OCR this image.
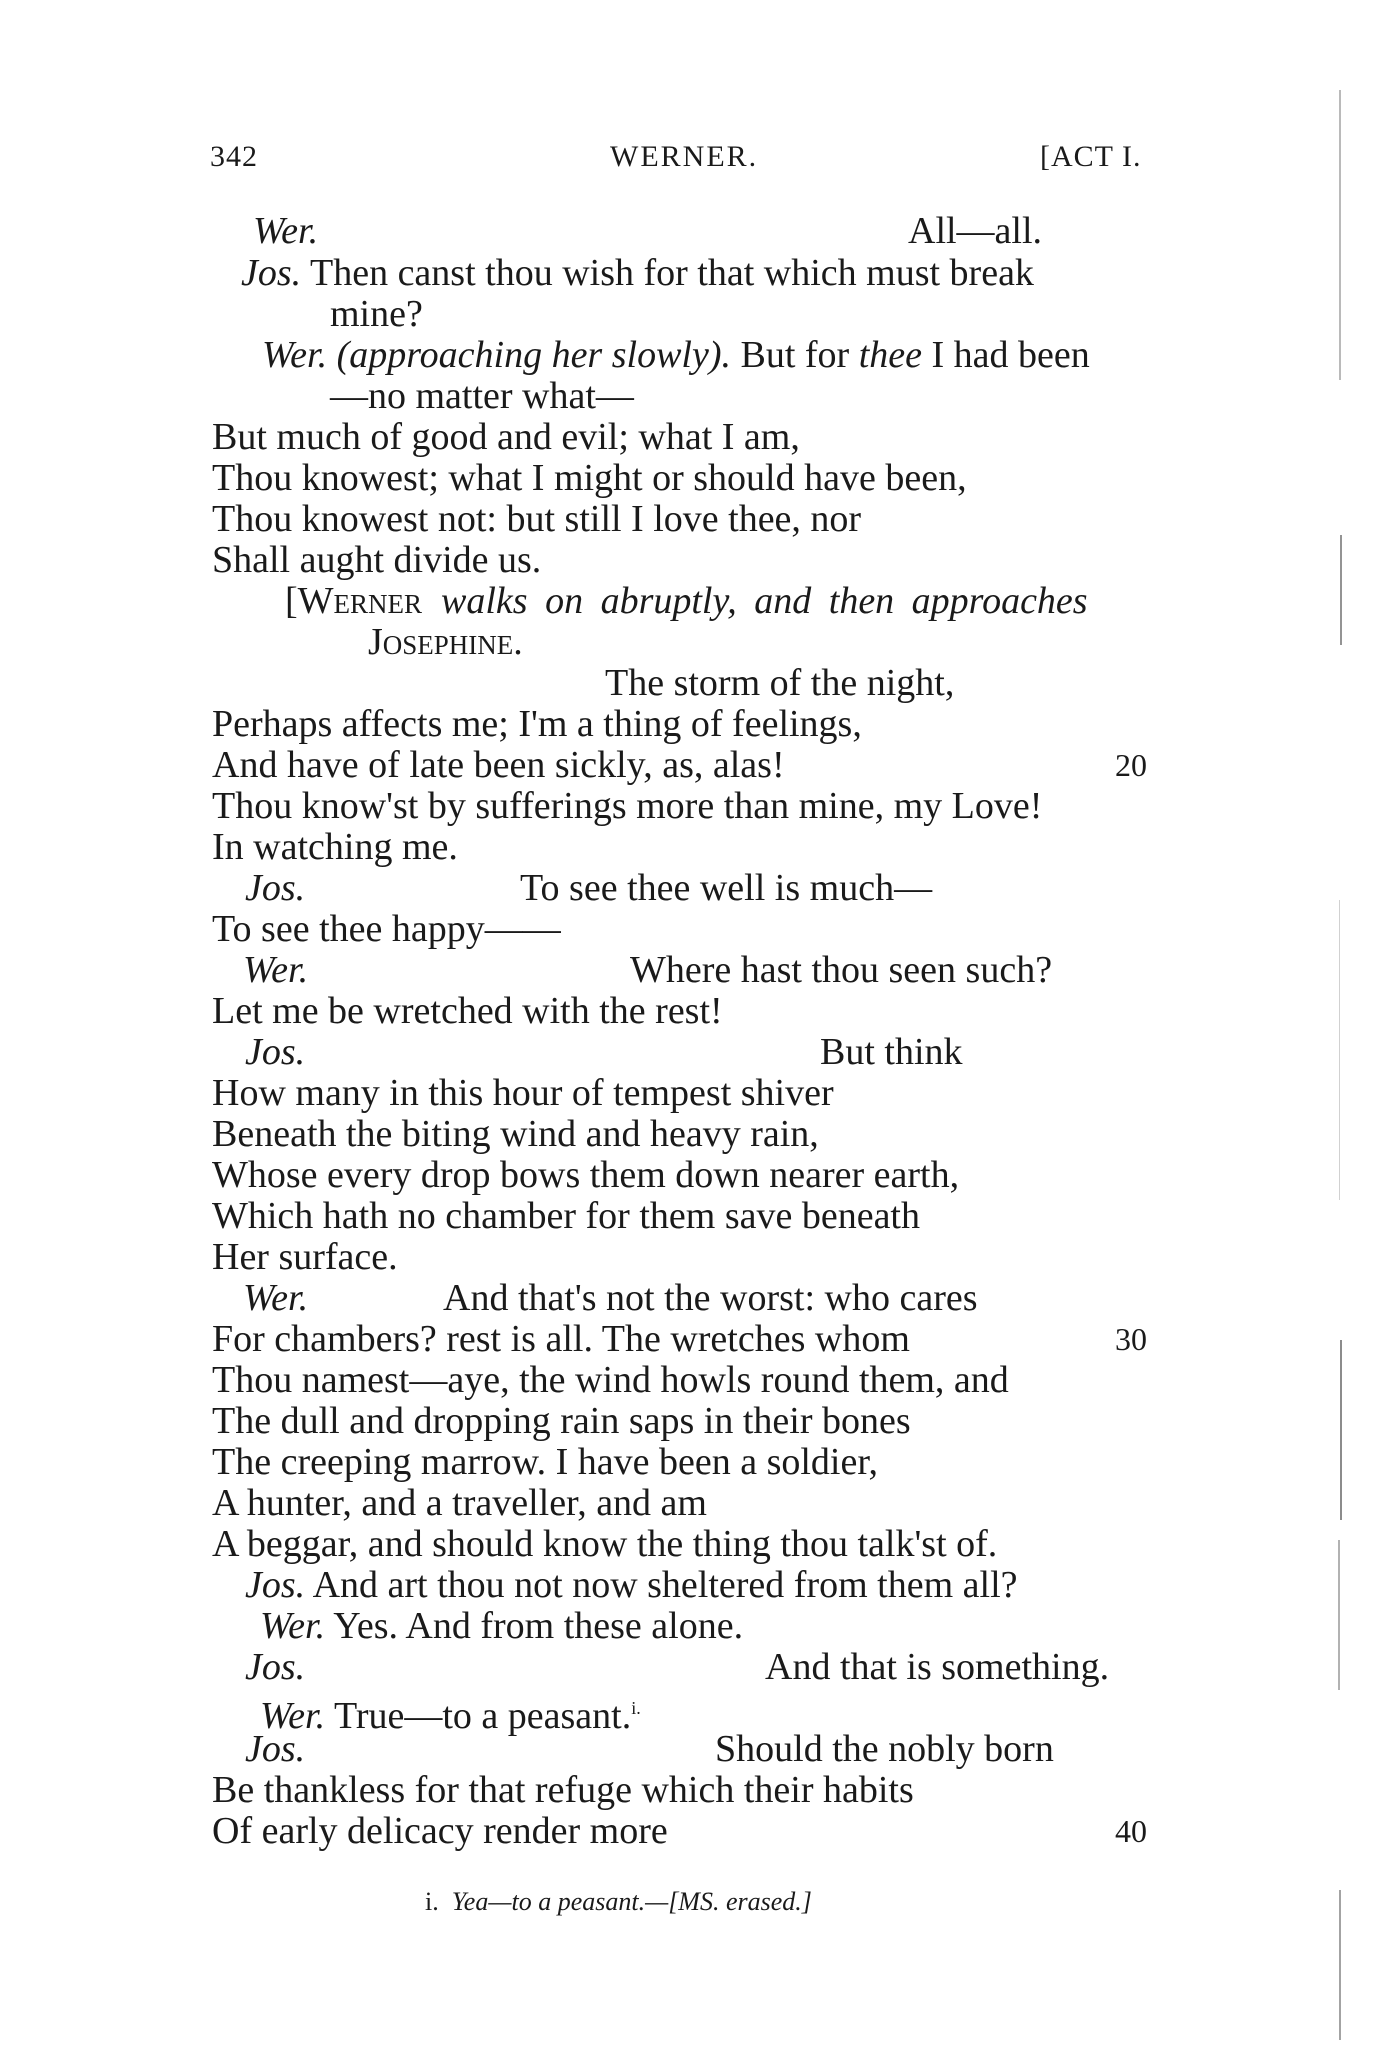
342	WERNER.	[ACT I.
Wer.	All—all.
Jos. Then canst thou wish for that which must break
mine?
Wer. (approaching her slowly). But for thee I had been
—no matter what—
But much of good and evil; what I am,
Thou knowest; what I might or should have been,
Thou knowest not: but still I love thee, nor
Shall aught divide us.
[Werner walks on abruptly, and then approaches
Josephine.
The storm of the night,
Perhaps affects me; I'm a thing of feelings,
And have of late been sickly, as, alas!	20
Thou know'st by sufferings more than mine, my Love!
In watching me.
Jos.	To see thee well is much—
To see thee happy——
Wer.	Where hast thou seen such?
Let me be wretched with the rest!
Jos.	But think
How many in this hour of tempest shiver
Beneath the biting wind and heavy rain,
Whose every drop bows them down nearer earth,
Which hath no chamber for them save beneath
Her surface.
Wer.	And that's not the worst: who cares
For chambers? rest is all. The wretches whom	30
Thou namest—aye, the wind howls round them, and
The dull and dropping rain saps in their bones
The creeping marrow. I have been a soldier,
A hunter, and a traveller, and am
A beggar, and should know the thing thou talk'st of.
Jos. And art thou not now sheltered from them all?
Wer. Yes. And from these alone.
Jos.	And that is something.
Wer. True—to a peasant.$^{i.}$
Jos.	Should the nobly born
Be thankless for that refuge which their habits
Of early delicacy render more	40
i. Yea—to a peasant.—[MS. erased.]
